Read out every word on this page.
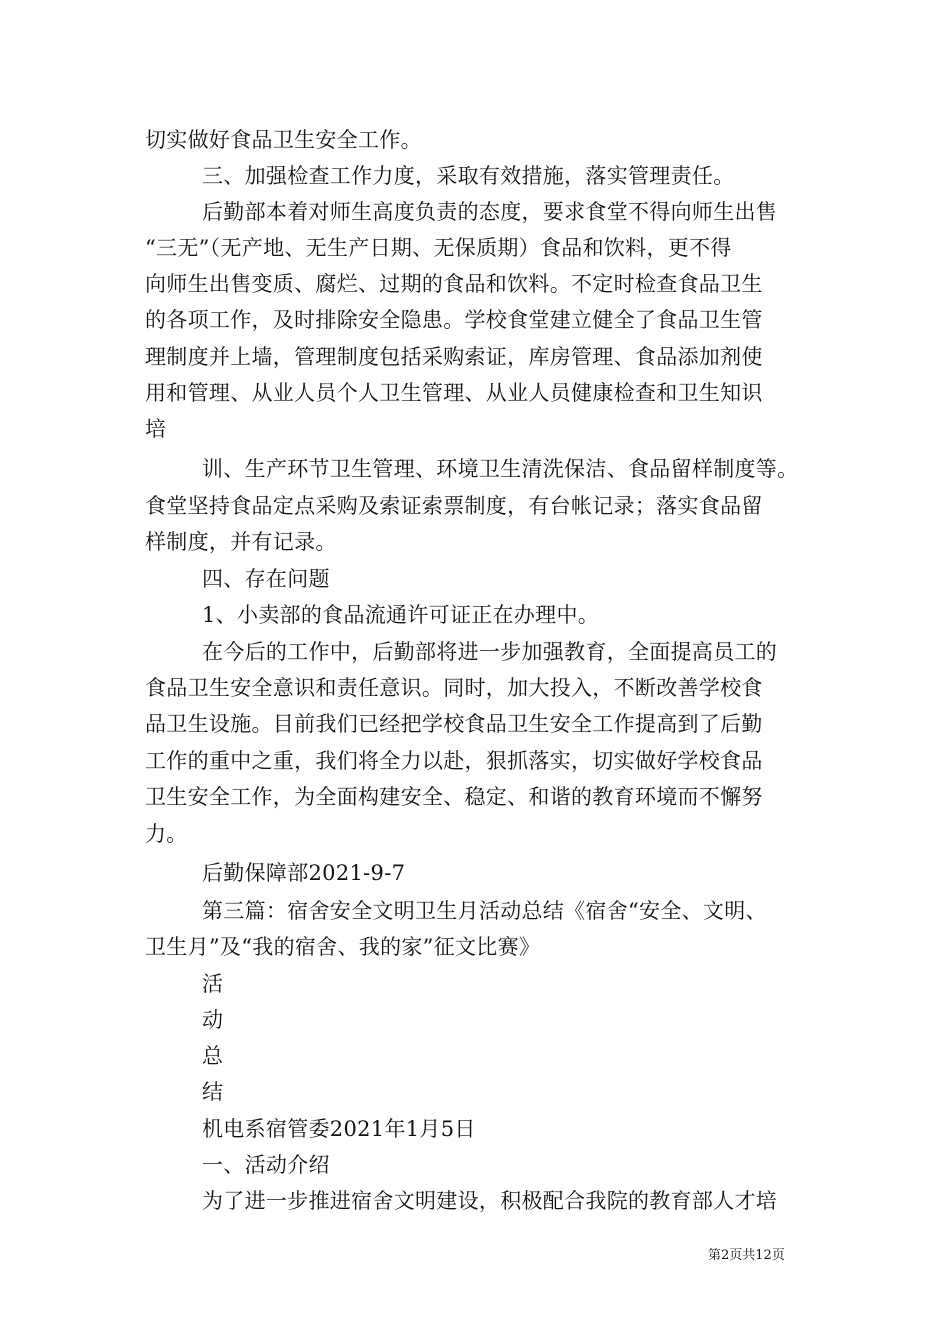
切实做好食品卫生安全工作。
三、加强检查工作力度，采取有效措施，落实管理责任。
后勤部本着对师生高度负责的态度，要求食堂不得向师生出售
“三无”（无产地、无生产日期、无保质期）食品和饮料，更不得
向师生出售变质、腐烂、过期的食品和饮料。不定时检查食品卫生
的各项工作，及时排除安全隐患。学校食堂建立健全了食品卫生管
理制度并上墙，管理制度包括采购索证，库房管理、食品添加剂使
用和管理、从业人员个人卫生管理、从业人员健康检查和卫生知识
培
训、生产环节卫生管理、环境卫生清洗保洁、食品留样制度等。
食堂坚持食品定点采购及索证索票制度，有台帐记录；落实食品留
样制度，并有记录。
四、存在问题
1、小卖部的食品流通许可证正在办理中。
在今后的工作中，后勤部将进一步加强教育，全面提高员工的
食品卫生安全意识和责任意识。同时，加大投入，不断改善学校食
品卫生设施。目前我们已经把学校食品卫生安全工作提高到了后勤
工作的重中之重，我们将全力以赴，狠抓落实，切实做好学校食品
卫生安全工作，为全面构建安全、稳定、和谐的教育环境而不懈努
力。
后勤保障部2021-9-7
第三篇：宿舍安全文明卫生月活动总结《宿舍“安全、文明、
卫生月”及“我的宿舍、我的家”征文比赛》
活
动
总
结
机电系宿管委2021年1月5日
一、活动介绍
为了进一步推进宿舍文明建设，积极配合我院的教育部人才培
第2页共12页
